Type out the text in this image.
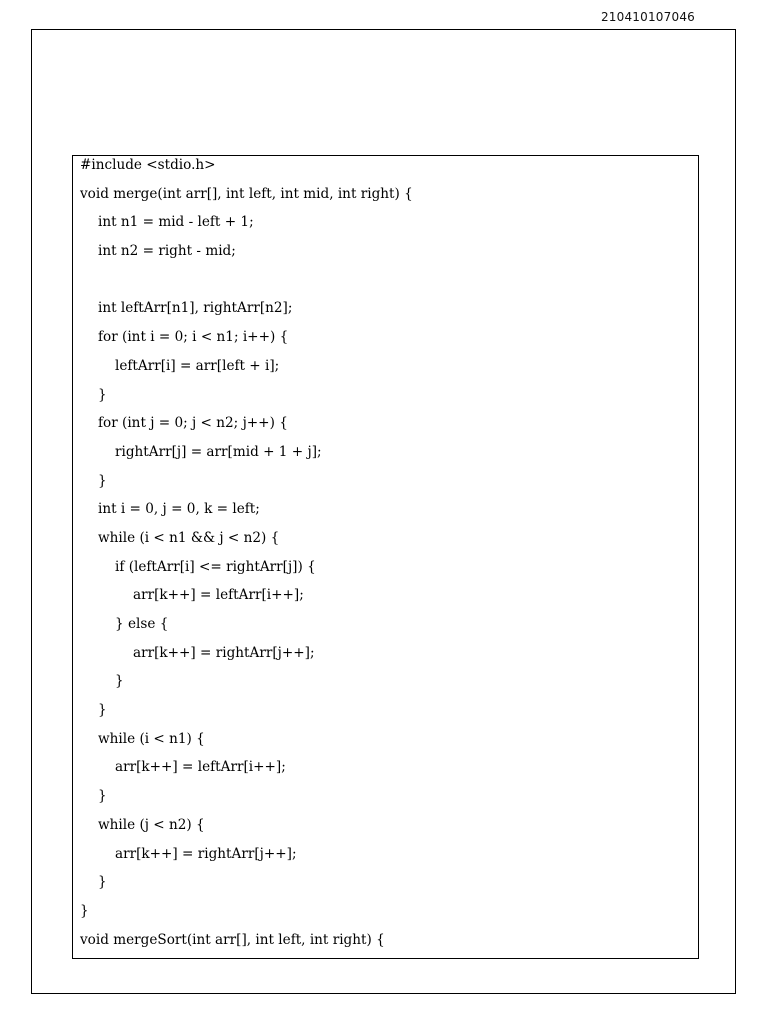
210410107046
#include <stdio.h>
void merge(int arr[], int left, int mid, int right) {
int n1 = mid - left + 1;
int n2 = right - mid;
int leftArr[n1], rightArr[n2];
for (int i = 0; i < n1; i++) {
leftArr[i] = arr[left + i];
}
for (int j = 0; j < n2; j++) {
rightArr[j] = arr[mid + 1 + j];
}
int i = 0, j = 0, k = left;
while (i < n1 && j < n2) {
if (leftArr[i] <= rightArr[j]) {
arr[k++] = leftArr[i++];
} else {
arr[k++] = rightArr[j++];
}
}
while (i < n1) {
arr[k++] = leftArr[i++];
}
while (j < n2) {
arr[k++] = rightArr[j++];
}
}
void mergeSort(int arr[], int left, int right) {
